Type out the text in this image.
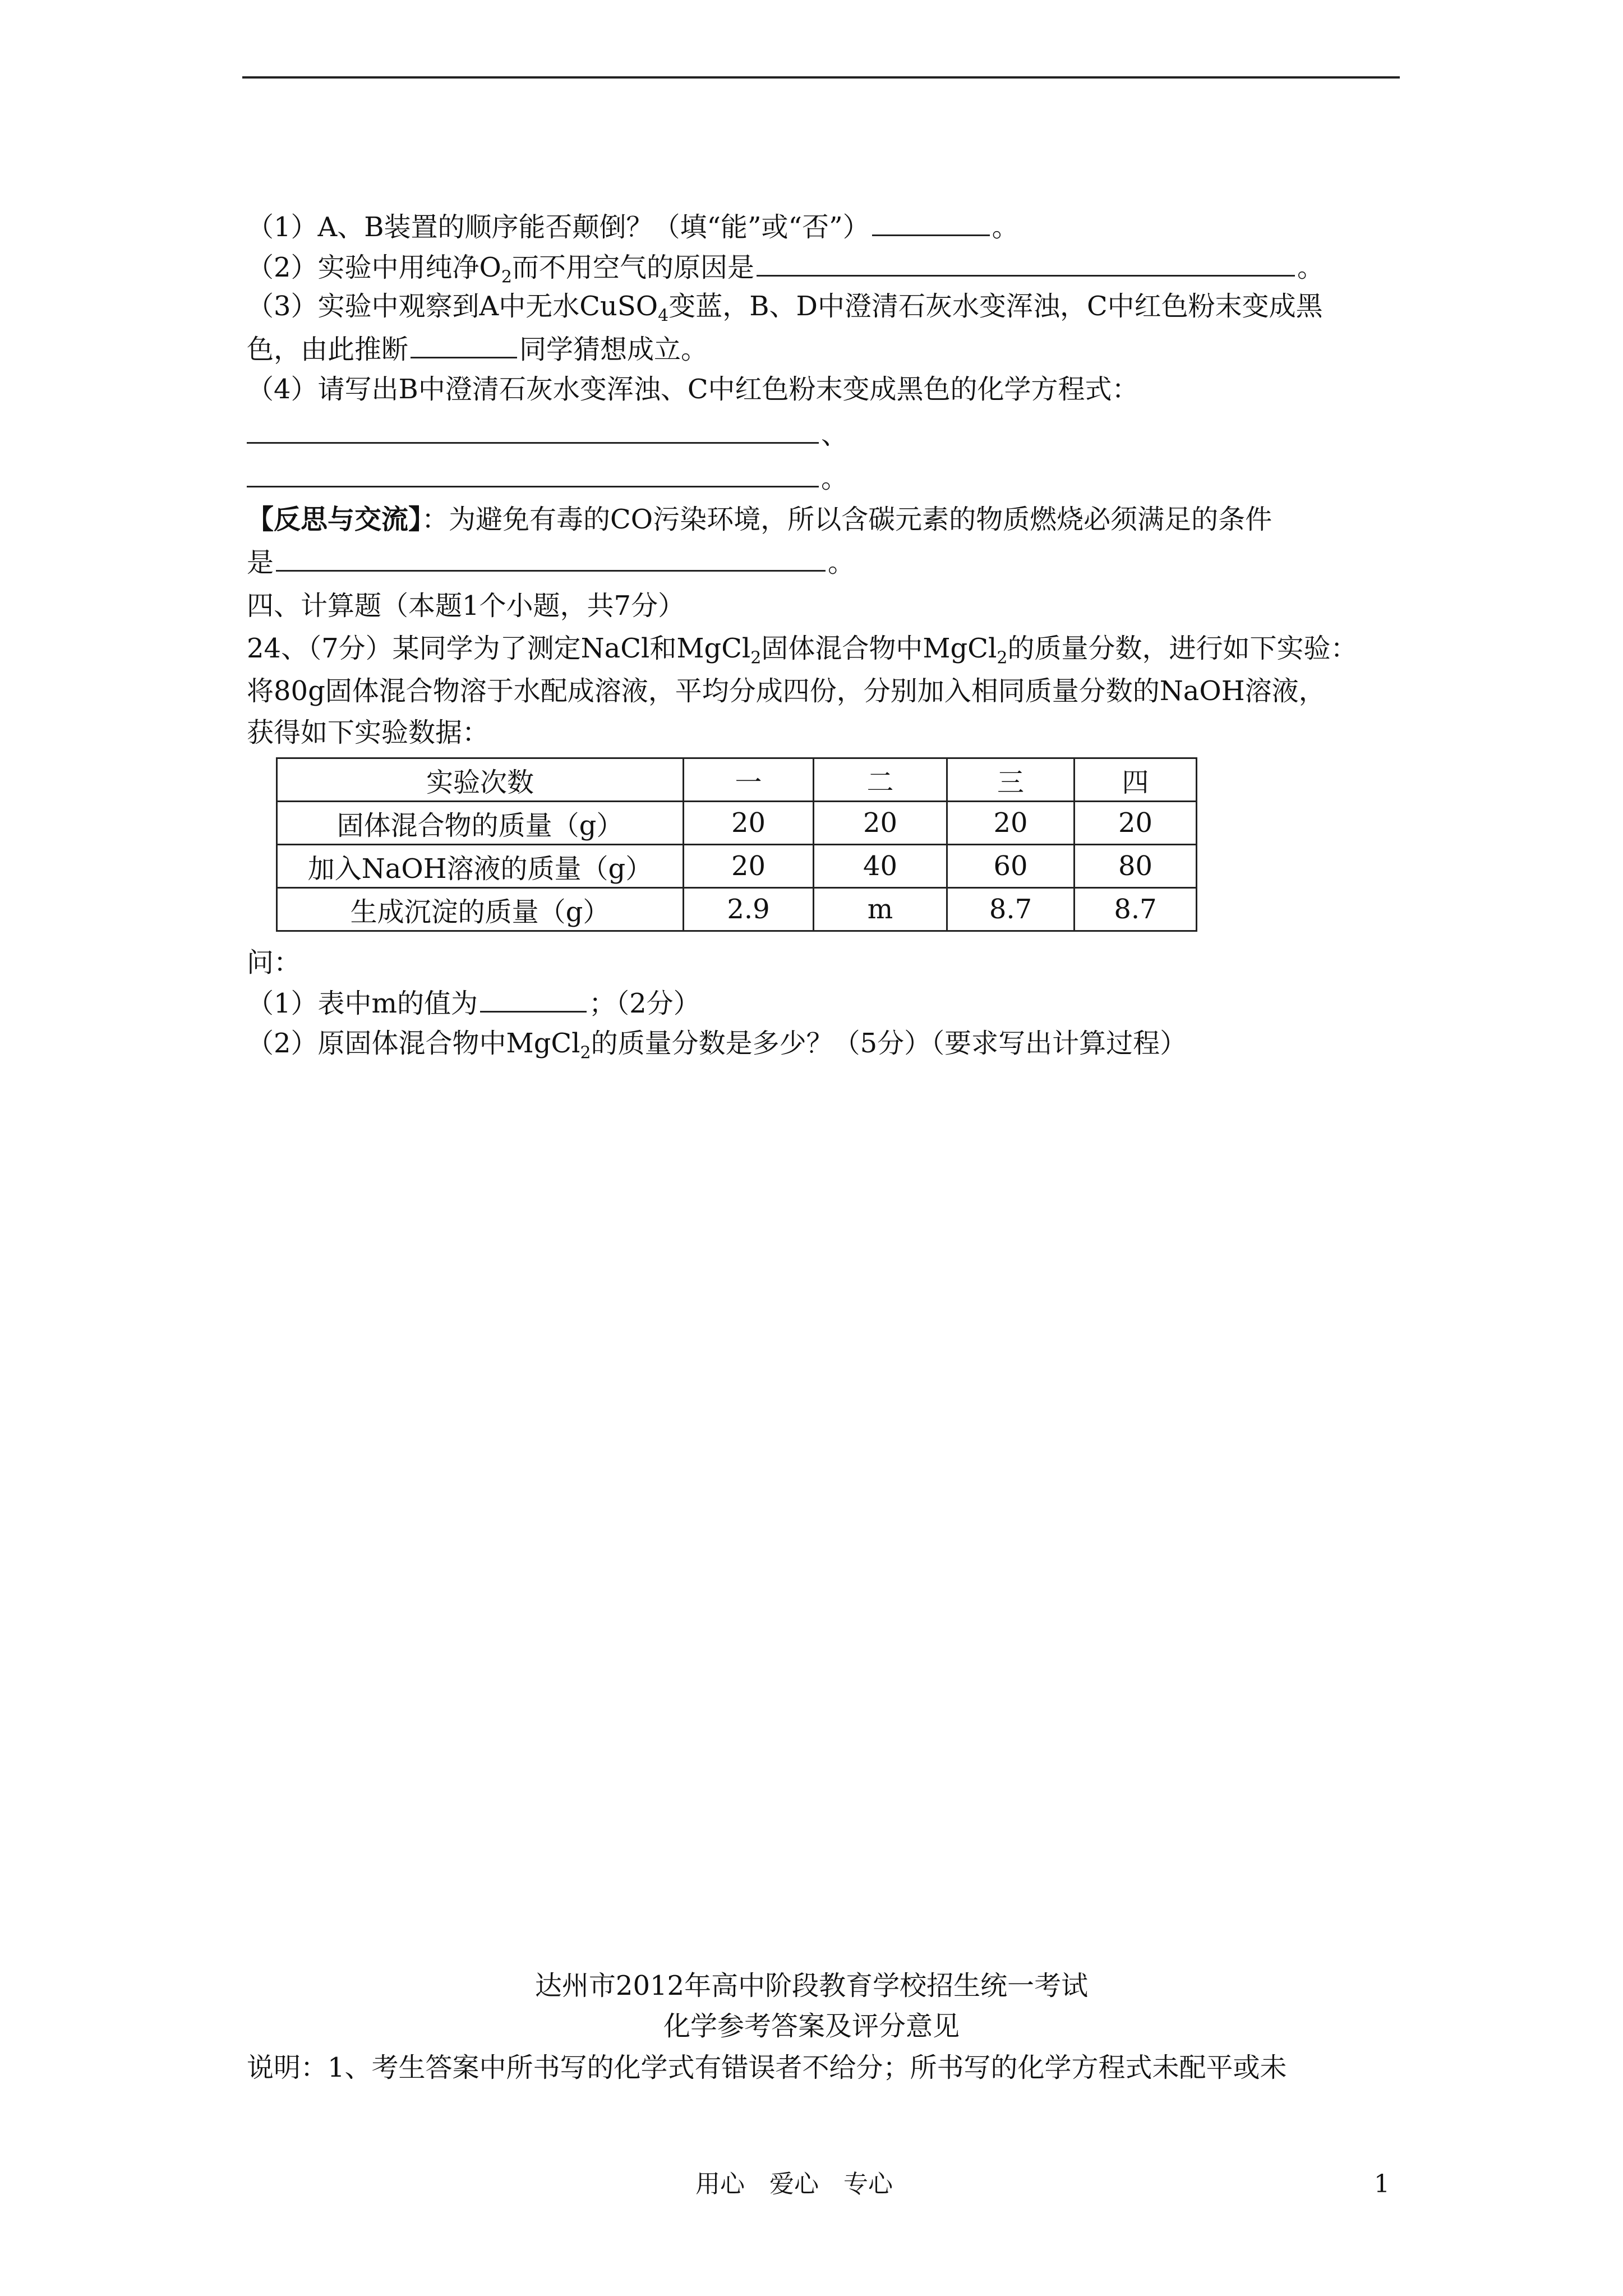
（1）A、B装置的顺序能否颠倒？（填“能”或“否”）	。
（2）实验中用纯净$O_2$而不用空气的原因是	。
（3）实验中观察到A中无水CuSO$_4$变蓝，B、D中澄清石灰水变浑浊，C中红色粉末变成黑
色，由此推断	同学猜想成立。
（4）请写出B中澄清石灰水变浑浊、C中红色粉末变成黑色的化学方程式：
、
。
【反思与交流】：为避免有毒的CO污染环境，所以含碳元素的物质燃烧必须满足的条件
是	。
四、计算题（本题1个小题，共7分）
24、（7分）某同学为了测定NaCl和MgCl$_2$固体混合物中MgCl$_2$的质量分数，进行如下实验：
将80g固体混合物溶于水配成溶液，平均分成四份，分别加入相同质量分数的NaOH溶液，
获得如下实验数据：
实验次数	一	二	三	四
固体混合物的质量（g）	20	20	20	20
加入NaOH溶液的质量（g）	20	40	60	80
生成沉淀的质量（g）	2.9	m	8.7	8.7
问：
（1）表中m的值为	；（2分）
（2）原固体混合物中MgCl$_2$的质量分数是多少？（5分）（要求写出计算过程）
达州市2012年高中阶段教育学校招生统一考试
化学参考答案及评分意见
说明：1、考生答案中所书写的化学式有错误者不给分；所书写的化学方程式未配平或未
用心　爱心　专心	1
